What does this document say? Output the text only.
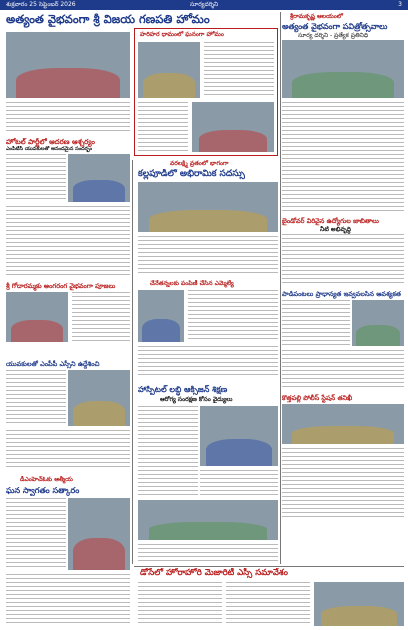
శుక్రవారం 25 సెప్టెంబర్ 2026	సూర్యదర్శిని	3
అత్యంత వైభవంగా శ్రీ విజయ గణపతి హోమం	శ్రీరామకృష్ణ ఆలయంలో
అత్యంత వైభవంగా పవిత్రోత్సవాలు
సూర్య దర్శిని - ప్రత్యేక ప్రతినిధి
హరిహర ధామంలో ఘనంగా హోమం
హోటల్ పార్టీలో ఆదరణ ఆశ్చర్యం
ఎంపీటీసీ యువకులతో ఆనందమైన సందర్భం
వరలక్ష్మి వ్రతంలో భాగంగా
కల్లపూడిలో అభిరామిక సదస్సు
చేనేతన్నలకు పంపిణీ చేసిన ఎమ్మెల్యే
బైండోవర్ విరివైన ఉద్యోగుల జాబితాలు
నీటి అభివృద్ధి
పాడిపంటలు ప్రాధాన్యత ఇవ్వవలసిన ఆవశ్యకత
శ్రీ గోదారమ్మకు అంగరంగ వైభవంగా పూజలు
యువకులతో ఎంపీపీ ఎస్సీని ఉద్దేశించి
హాస్పిటల్ లబ్ధి ఆక్సిజన్ శిక్షణ
ఆరోగ్య సంరక్షణ కోసం వైద్యులు	కొత్తపల్లి పోలీస్ స్టేషన్ తనిఖీ
డీఎంహెచ్ఓకు ఆత్మీయ
ఘన స్వాగతం సత్కారం
డోసేలో హోరాహోరి మెజారిటీ ఎస్సీ సమావేశం
